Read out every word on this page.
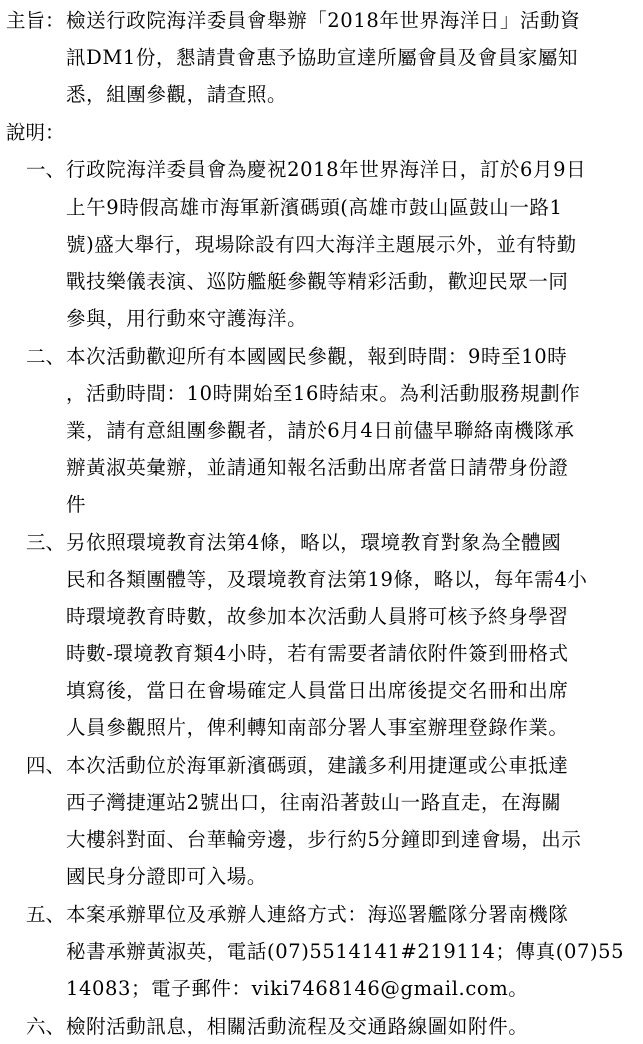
主旨： 檢送行政院海洋委員會舉辦「2018年世界海洋日」活動資
訊DM1份，懇請貴會惠予協助宣達所屬會員及會員家屬知
悉，組團參觀，請查照。
說明：
一、 行政院海洋委員會為慶祝2018年世界海洋日，訂於6月9日
上午9時假高雄市海軍新濱碼頭(高雄市鼓山區鼓山一路1
號)盛大舉行，現場除設有四大海洋主題展示外，並有特勤
戰技樂儀表演、巡防艦艇參觀等精彩活動，歡迎民眾一同
參與，用行動來守護海洋。
二、 本次活動歡迎所有本國國民參觀，報到時間：9時至10時
，活動時間：10時開始至16時結束。為利活動服務規劃作
業，請有意組團參觀者，請於6月4日前儘早聯絡南機隊承
辦黃淑英彙辦，並請通知報名活動出席者當日請帶身份證
件
三、 另依照環境教育法第4條，略以，環境教育對象為全體國
民和各類團體等，及環境教育法第19條，略以，每年需4小
時環境教育時數，故參加本次活動人員將可核予終身學習
時數-環境教育類4小時，若有需要者請依附件簽到冊格式
填寫後，當日在會場確定人員當日出席後提交名冊和出席
人員參觀照片，俾利轉知南部分署人事室辦理登錄作業。
四、 本次活動位於海軍新濱碼頭，建議多利用捷運或公車抵達
西子灣捷運站2號出口，往南沿著鼓山一路直走，在海關
大樓斜對面、台華輪旁邊，步行約5分鐘即到達會場，出示
國民身分證即可入場。
五、 本案承辦單位及承辦人連絡方式：海巡署艦隊分署南機隊
秘書承辦黃淑英，電話(07)5514141#219114；傳真(07)55
14083；電子郵件：viki7468146@gmail.com。
六、 檢附活動訊息，相關活動流程及交通路線圖如附件。
